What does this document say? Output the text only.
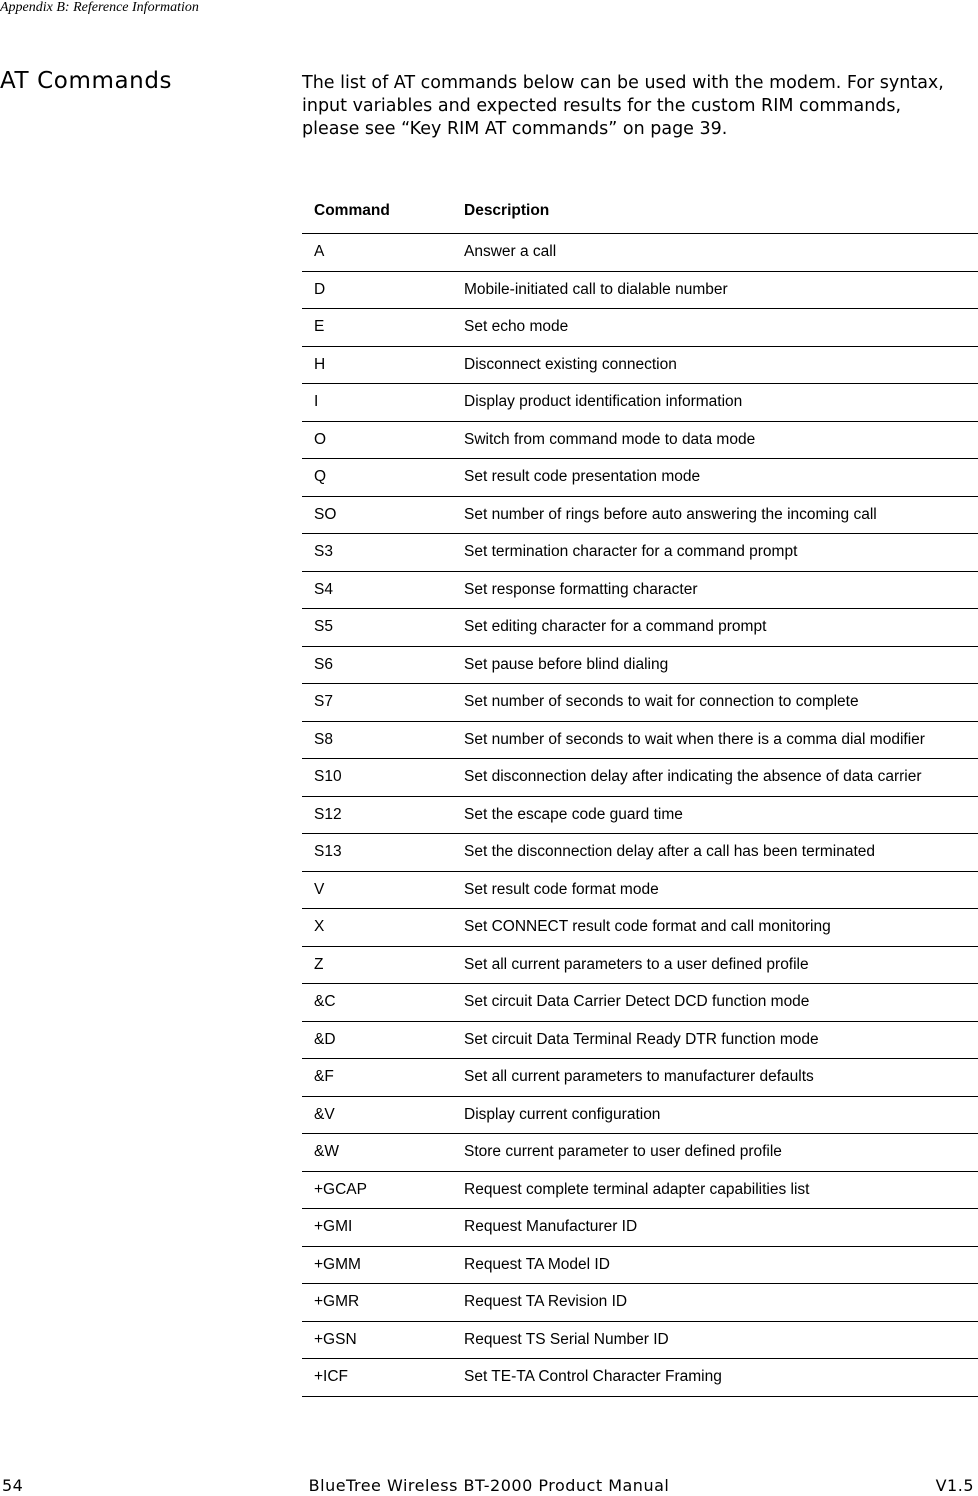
Appendix B: Reference Information
AT Commands	The list of AT commands below can be used with the modem. For syntax, input variables and expected results for the custom RIM commands, please see “Key RIM AT commands” on page 39.

Command	Description
A	Answer a call
D	Mobile-initiated call to dialable number
E	Set echo mode
H	Disconnect existing connection
I	Display product identification information
O	Switch from command mode to data mode
Q	Set result code presentation mode
SO	Set number of rings before auto answering the incoming call
S3	Set termination character for a command prompt
S4	Set response formatting character
S5	Set editing character for a command prompt
S6	Set pause before blind dialing
S7	Set number of seconds to wait for connection to complete
S8	Set number of seconds to wait when there is a comma dial modifier
S10	Set disconnection delay after indicating the absence of data carrier
S12	Set the escape code guard time
S13	Set the disconnection delay after a call has been terminated
V	Set result code format mode
X	Set CONNECT result code format and call monitoring
Z	Set all current parameters to a user defined profile
&C	Set circuit Data Carrier Detect DCD function mode
&D	Set circuit Data Terminal Ready DTR function mode
&F	Set all current parameters to manufacturer defaults
&V	Display current configuration
&W	Store current parameter to user defined profile
+GCAP	Request complete terminal adapter capabilities list
+GMI	Request Manufacturer ID
+GMM	Request TA Model ID
+GMR	Request TA Revision ID
+GSN	Request TS Serial Number ID
+ICF	Set TE-TA Control Character Framing
54	BlueTree Wireless BT-2000 Product Manual	V1.5
